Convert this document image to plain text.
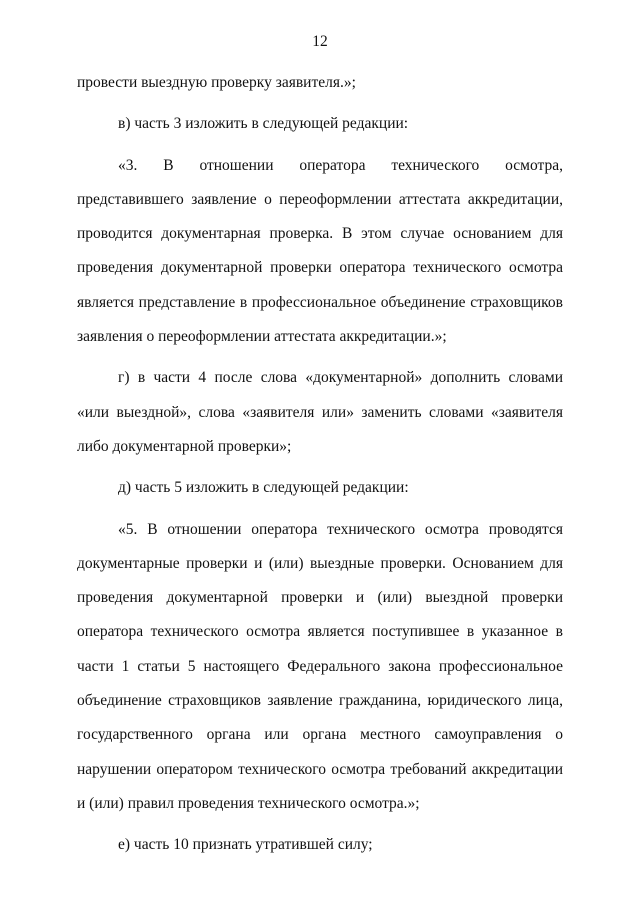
12

провести выездную проверку заявителя.»;

в) часть 3 изложить в следующей редакции:

«3. В отношении оператора технического осмотра, представившего заявление о переоформлении аттестата аккредитации, проводится документарная проверка. В этом случае основанием для проведения документарной проверки оператора технического осмотра является представление в профессиональное объединение страховщиков заявления о переоформлении аттестата аккредитации.»;

г) в части 4 после слова «документарной» дополнить словами «или выездной», слова «заявителя или» заменить словами «заявителя либо документарной проверки»;

д) часть 5 изложить в следующей редакции:

«5. В отношении оператора технического осмотра проводятся документарные проверки и (или) выездные проверки. Основанием для проведения документарной проверки и (или) выездной проверки оператора технического осмотра является поступившее в указанное в части 1 статьи 5 настоящего Федерального закона профессиональное объединение страховщиков заявление гражданина, юридического лица, государственного органа или органа местного самоуправления о нарушении оператором технического осмотра требований аккредитации и (или) правил проведения технического осмотра.»;

е) часть 10 признать утратившей силу;
